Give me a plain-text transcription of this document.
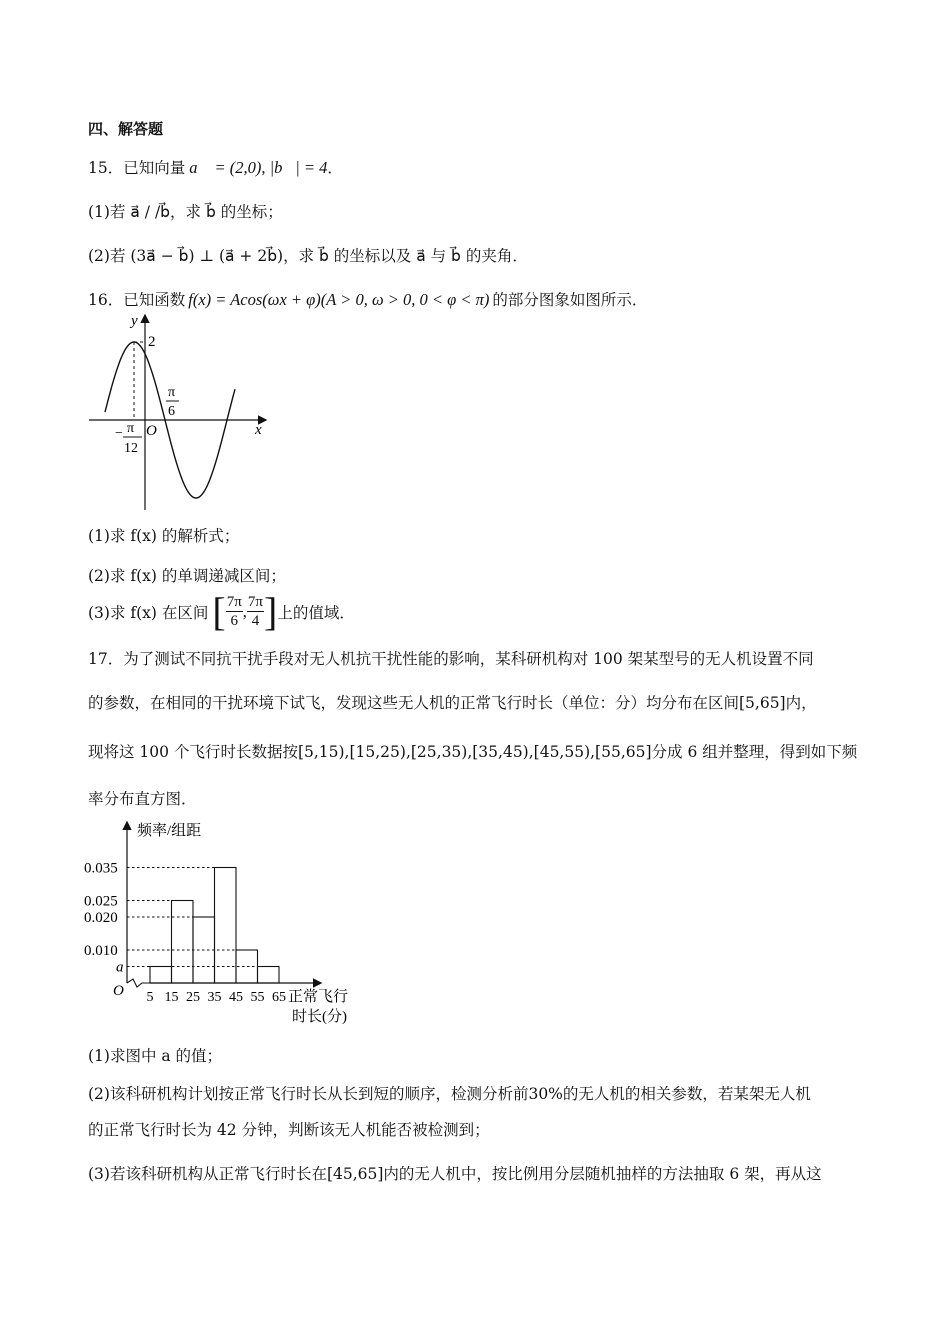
四、解答题
15．已知向量 a⃗ = (2,0), |b⃗| = 4．
(1)若 a⃗ / /b⃗，求 b⃗ 的坐标；
(2)若 (3a⃗ − b⃗) ⊥ (a⃗ + 2b⃗)，求 b⃗ 的坐标以及 a⃗ 与 b⃗ 的夹角．
16．已知函数 f(x) = Acos(ωx + φ)(A > 0, ω > 0, 0 < φ < π) 的部分图象如图所示．
y
x
O
2
π
6
− π
12
(1)求 f(x) 的解析式；
(2)求 f(x) 的单调递减区间；
(3)求 f(x) 在区间 [ $\frac{7\pi}{6}$ , $\frac{7\pi}{4}$ ] 上的值域．
17．为了测试不同抗干扰手段对无人机抗干扰性能的影响，某科研机构对 100 架某型号的无人机设置不同
的参数，在相同的干扰环境下试飞，发现这些无人机的正常飞行时长（单位：分）均分布在区间[5,65]内，
现将这 100 个飞行时长数据按[5,15),[15,25),[25,35),[35,45),[45,55),[55,65]分成 6 组并整理，得到如下频
率分布直方图．
0.035
0.025
0.020
0.010
a
5 15 25 35 45 55 65
频率/组距
O	正常飞行
时长(分)
(1)求图中 a 的值；
(2)该科研机构计划按正常飞行时长从长到短的顺序，检测分析前30%的无人机的相关参数，若某架无人机
的正常飞行时长为 42 分钟，判断该无人机能否被检测到；
(3)若该科研机构从正常飞行时长在[45,65]内的无人机中，按比例用分层随机抽样的方法抽取 6 架，再从这
